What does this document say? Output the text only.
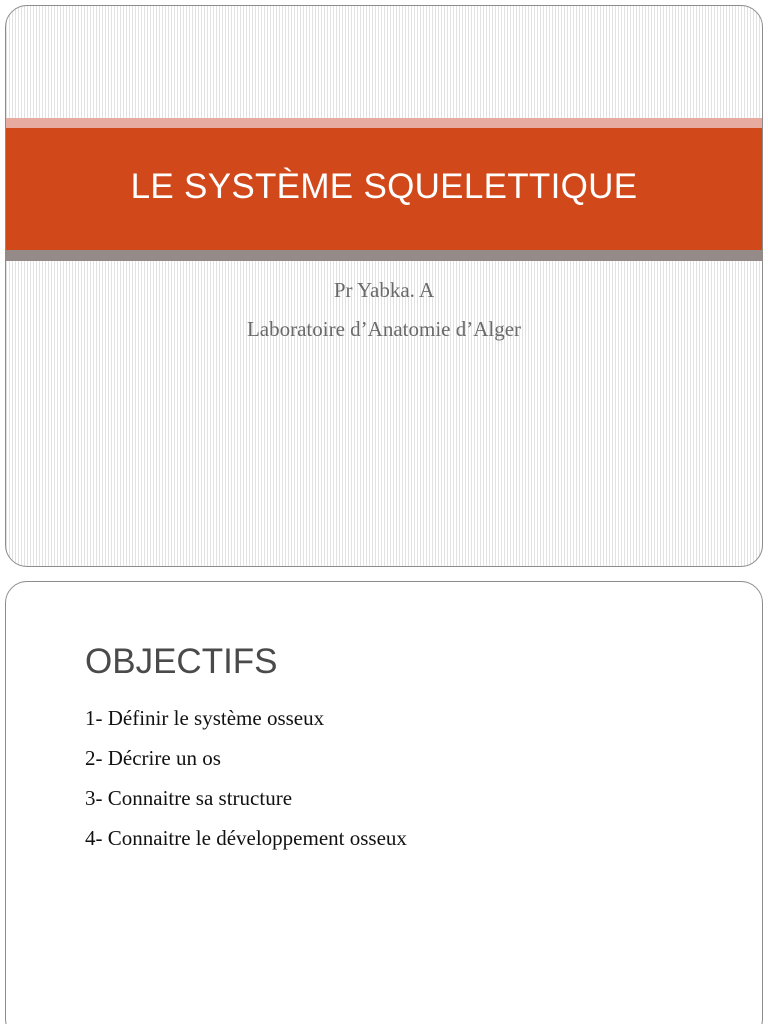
LE SYSTÈME SQUELETTIQUE
Pr Yabka. A
Laboratoire d’Anatomie d’Alger
OBJECTIFS
1- Définir le système osseux
2- Décrire un os
3- Connaitre sa structure
4- Connaitre le développement osseux
